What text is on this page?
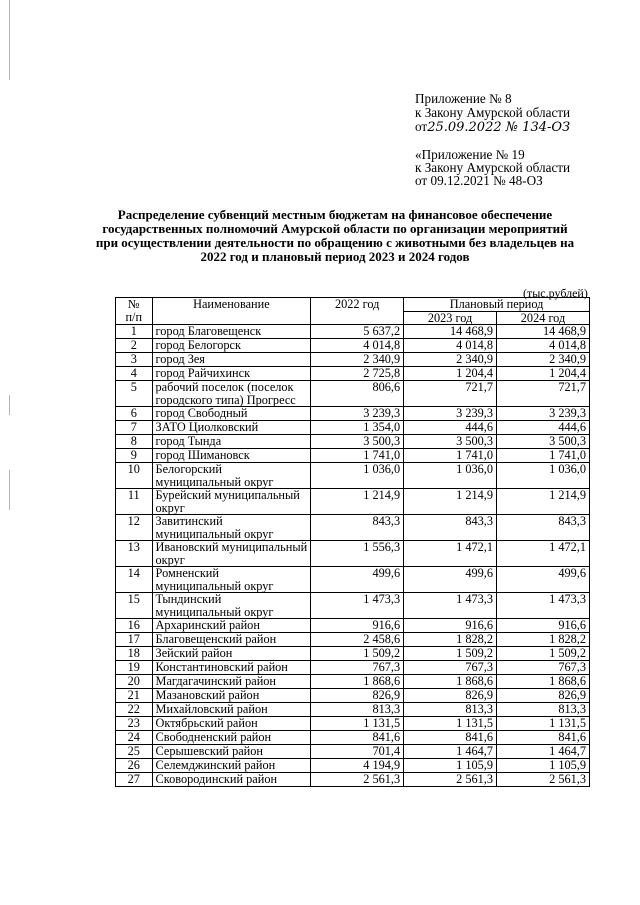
Приложение № 8
к Закону Амурской области
от25.09.2022 № 134-ОЗ
«Приложение № 19
к Закону Амурской области
от 09.12.2021 № 48-ОЗ
Распределение субвенций местным бюджетам на финансовое обеспечение государственных полномочий Амурской области по организации мероприятий при осуществлении деятельности по обращению с животными без владельцев на 2022 год и плановый период 2023 и 2024 годов
(тыс.рублей)
№
п/п	Наименование	2022 год	Плановый период	
			2023 год	2024 год
1	город Благовещенск	5 637,2	14 468,9	14 468,9
2	город Белогорск	4 014,8	4 014,8	4 014,8
3	город Зея	2 340,9	2 340,9	2 340,9
4	город Райчихинск	2 725,8	1 204,4	1 204,4
5	рабочий поселок (поселок городского типа) Прогресс	806,6	721,7	721,7
6	город Свободный	3 239,3	3 239,3	3 239,3
7	ЗАТО Циолковский	1 354,0	444,6	444,6
8	город Тында	3 500,3	3 500,3	3 500,3
9	город Шимановск	1 741,0	1 741,0	1 741,0
10	Белогорский муниципальный округ	1 036,0	1 036,0	1 036,0
11	Бурейский муниципальный округ	1 214,9	1 214,9	1 214,9
12	Завитинский муниципальный округ	843,3	843,3	843,3
13	Ивановский муниципальный округ	1 556,3	1 472,1	1 472,1
14	Ромненский муниципальный округ	499,6	499,6	499,6
15	Тындинский муниципальный округ	1 473,3	1 473,3	1 473,3
16	Архаринский район	916,6	916,6	916,6
17	Благовещенский район	2 458,6	1 828,2	1 828,2
18	Зейский район	1 509,2	1 509,2	1 509,2
19	Константиновский район	767,3	767,3	767,3
20	Магдагачинский район	1 868,6	1 868,6	1 868,6
21	Мазановский район	826,9	826,9	826,9
22	Михайловский район	813,3	813,3	813,3
23	Октябрьский район	1 131,5	1 131,5	1 131,5
24	Свободненский район	841,6	841,6	841,6
25	Серышевский район	701,4	1 464,7	1 464,7
26	Селемджинский район	4 194,9	1 105,9	1 105,9
27	Сковородинский район	2 561,3	2 561,3	2 561,3
